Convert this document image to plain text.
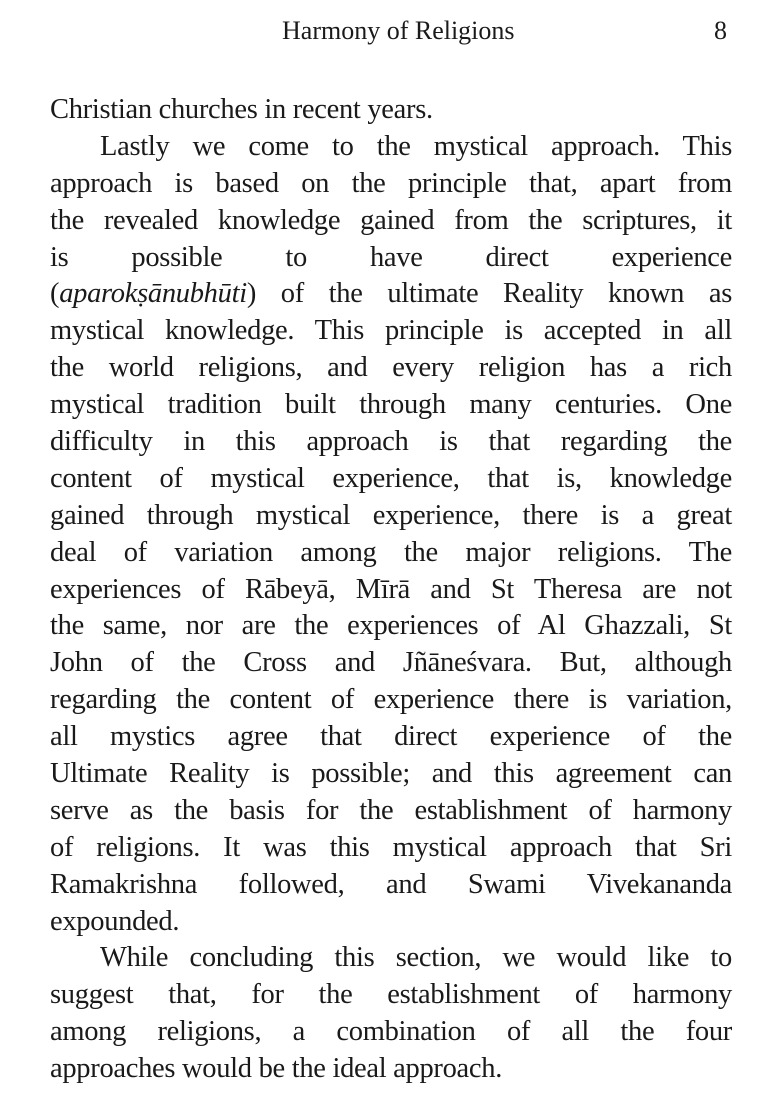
Harmony of Religions	8
Christian churches in recent years.
Lastly we come to the mystical approach. This
approach is based on the principle that, apart from
the revealed knowledge gained from the scriptures, it
is possible to have direct experience
(aparokṣānubhūti) of the ultimate Reality known as
mystical knowledge. This principle is accepted in all
the world religions, and every religion has a rich
mystical tradition built through many centuries. One
difficulty in this approach is that regarding the
content of mystical experience, that is, knowledge
gained through mystical experience, there is a great
deal of variation among the major religions. The
experiences of Rābeyā, Mīrā and St Theresa are not
the same, nor are the experiences of Al Ghazzali, St
John of the Cross and Jñāneśvara. But, although
regarding the content of experience there is variation,
all mystics agree that direct experience of the
Ultimate Reality is possible; and this agreement can
serve as the basis for the establishment of harmony
of religions. It was this mystical approach that Sri
Ramakrishna followed, and Swami Vivekananda
expounded.
While concluding this section, we would like to
suggest that, for the establishment of harmony
among religions, a combination of all the four
approaches would be the ideal approach.
